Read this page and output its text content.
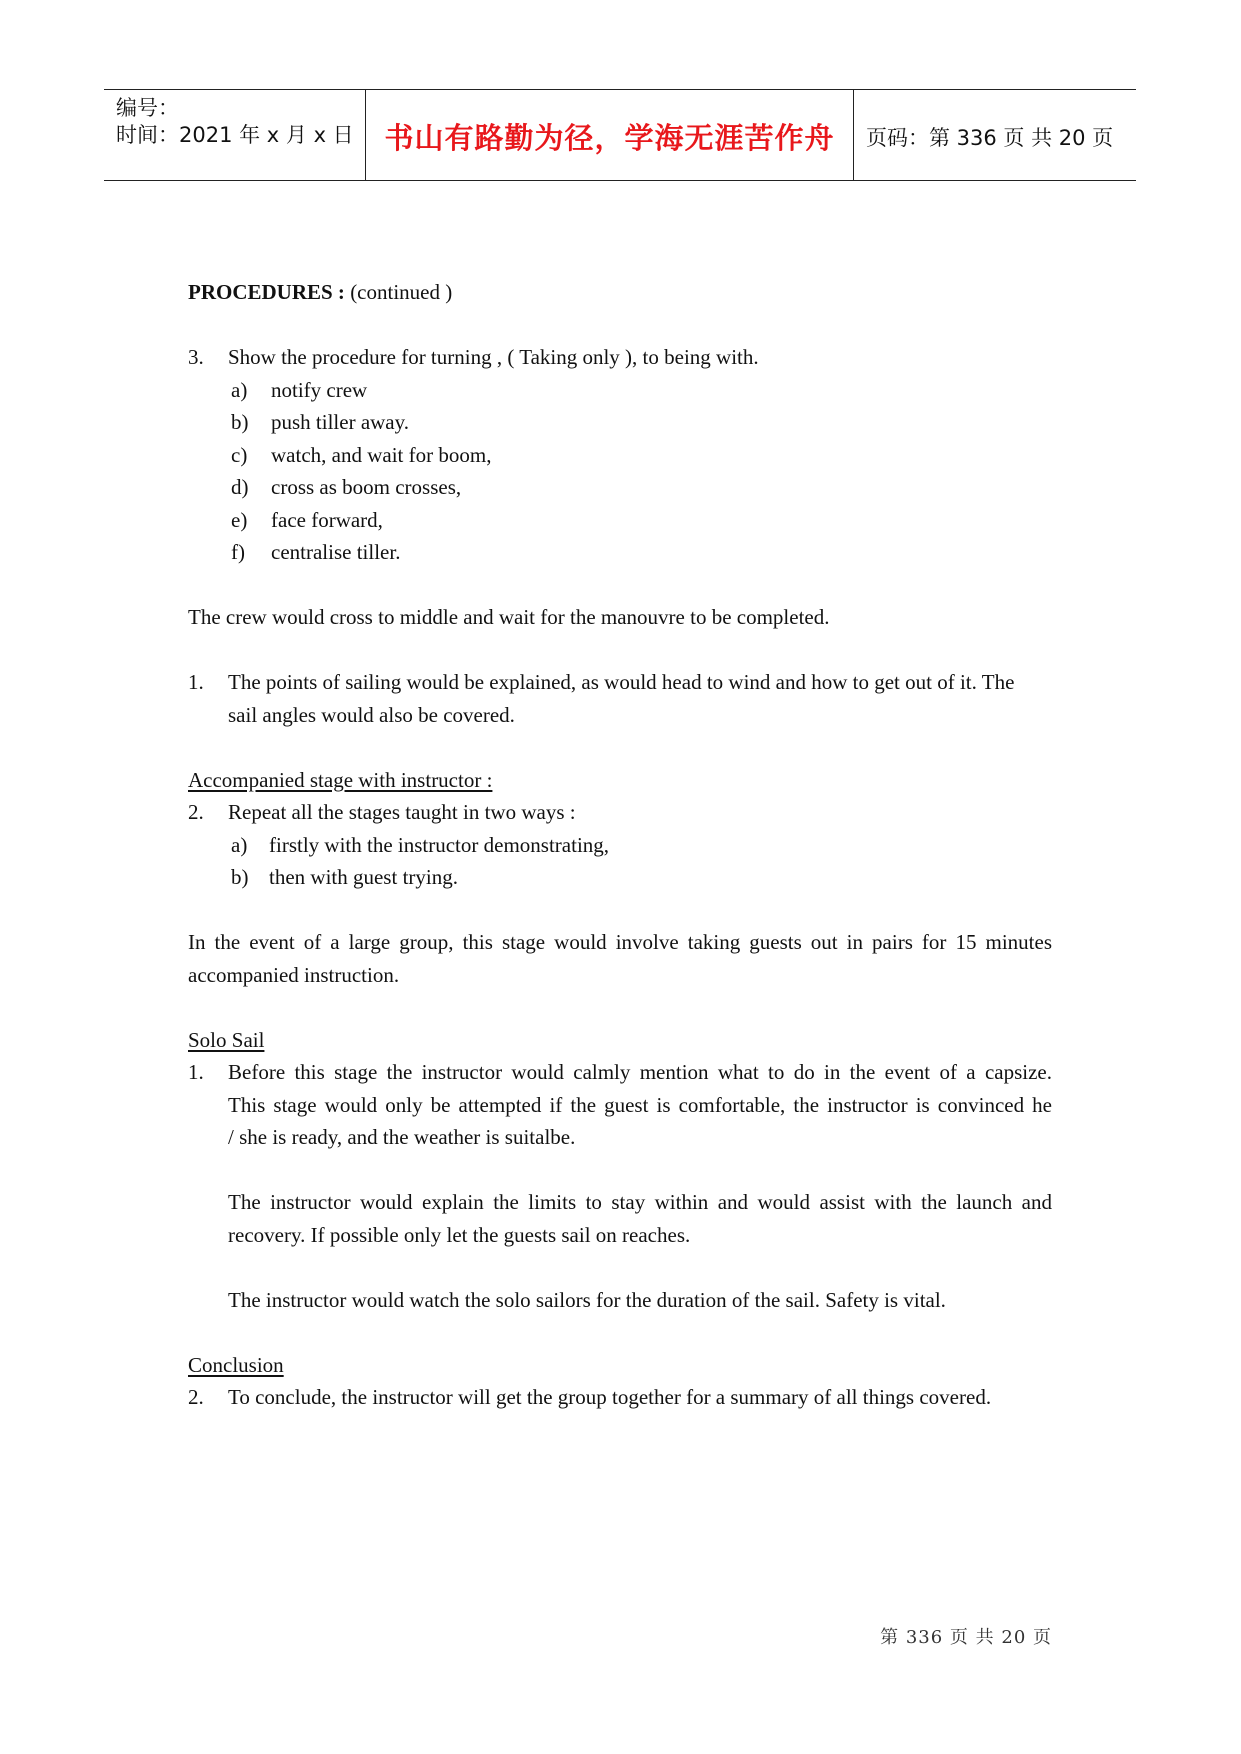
编号：
时间：2021 年 x 月 x 日	书山有路勤为径，学海无涯苦作舟	页码：第 336 页 共 20 页
PROCEDURES : (continued )
3.	Show the procedure for turning , ( Taking only ), to being with.
a)	notify crew
b)	push tiller away.
c)	watch, and wait for boom,
d)	cross as boom crosses,
e)	face forward,
f)	centralise tiller.
The crew would cross to middle and wait for the manouvre to be completed.
1.	The points of sailing would be explained, as would head to wind and how to get out of it. The
sail angles would also be covered.
Accompanied stage with instructor :
2.	Repeat all the stages taught in two ways :
a)	firstly with the instructor demonstrating,
b) then with guest trying.
In the event of a large group, this stage would involve taking guests out in pairs for 15 minutes
accompanied instruction.
Solo Sail
1.	Before this stage the instructor would calmly mention what to do in the event of a capsize.
This stage would only be attempted if the guest is comfortable, the instructor is convinced he
/ she is ready, and the weather is suitalbe.
The instructor would explain the limits to stay within and would assist with the launch and
recovery. If possible only let the guests sail on reaches.
The instructor would watch the solo sailors for the duration of the sail. Safety is vital.
Conclusion
2.	To conclude, the instructor will get the group together for a summary of all things covered.
第 336 页 共 20 页
